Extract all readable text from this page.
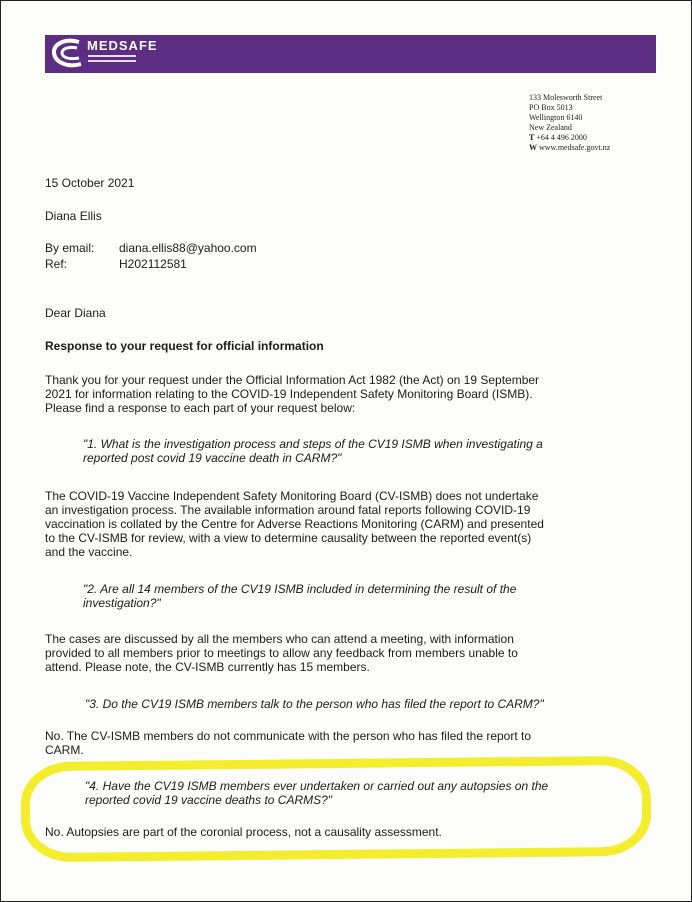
MEDSAFE
133 Molesworth Street
PO Box 5013
Wellington 6140
New Zealand
T +64 4 496 2000
W www.medsafe.govt.nz
15 October 2021
Diana Ellis
By email: diana.ellis88@yahoo.com
Ref:	H202112581
Dear Diana
Response to your request for official information
Thank you for your request under the Official Information Act 1982 (the Act) on 19 September
2021 for information relating to the COVID-19 Independent Safety Monitoring Board (ISMB).
Please find a response to each part of your request below:
"1. What is the investigation process and steps of the CV19 ISMB when investigating a
reported post covid 19 vaccine death in CARM?"
The COVID-19 Vaccine Independent Safety Monitoring Board (CV-ISMB) does not undertake
an investigation process. The available information around fatal reports following COVID-19
vaccination is collated by the Centre for Adverse Reactions Monitoring (CARM) and presented
to the CV-ISMB for review, with a view to determine causality between the reported event(s)
and the vaccine.
"2. Are all 14 members of the CV19 ISMB included in determining the result of the
investigation?"
The cases are discussed by all the members who can attend a meeting, with information
provided to all members prior to meetings to allow any feedback from members unable to
attend. Please note, the CV-ISMB currently has 15 members.
"3. Do the CV19 ISMB members talk to the person who has filed the report to CARM?"
No. The CV-ISMB members do not communicate with the person who has filed the report to
CARM.
"4. Have the CV19 ISMB members ever undertaken or carried out any autopsies on the
reported covid 19 vaccine deaths to CARMS?"
No. Autopsies are part of the coronial process, not a causality assessment.
